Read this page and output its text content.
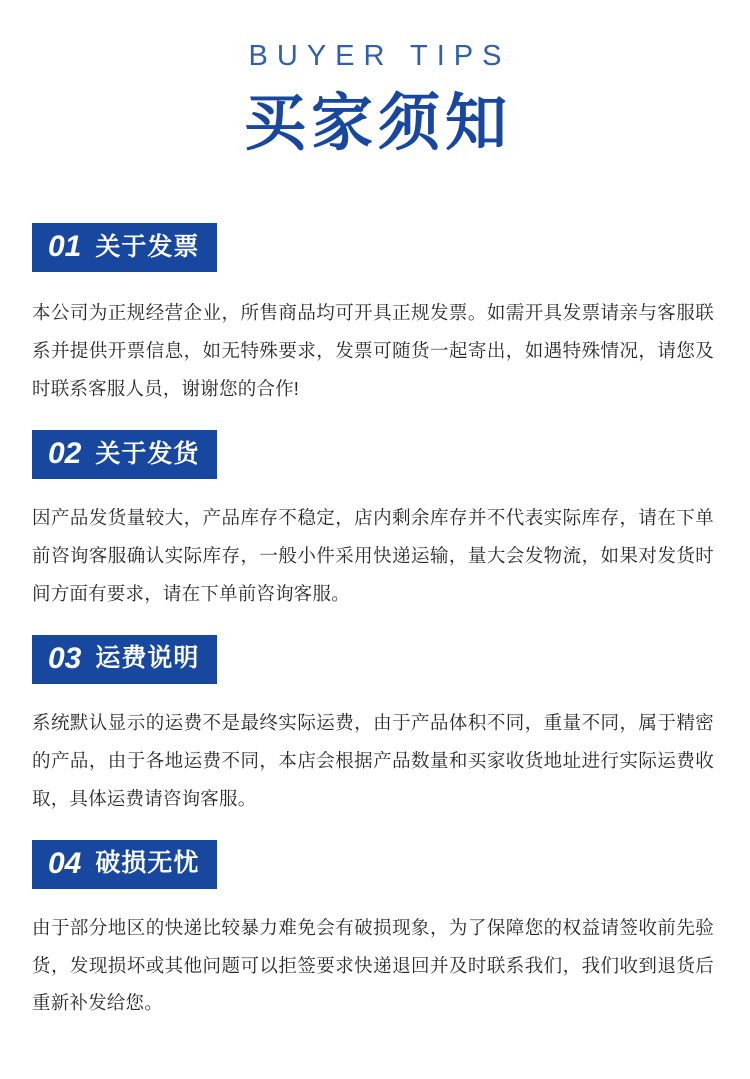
BUYER TIPS
买家须知
01 关于发票
本公司为正规经营企业，所售商品均可开具正规发票。如需开具发票请亲与客服联系并提供开票信息，如无特殊要求，发票可随货一起寄出，如遇特殊情况，请您及时联系客服人员，谢谢您的合作!
02 关于发货
因产品发货量较大，产品库存不稳定，店内剩余库存并不代表实际库存，请在下单前咨询客服确认实际库存，一般小件采用快递运输，量大会发物流，如果对发货时间方面有要求，请在下单前咨询客服。
03 运费说明
系统默认显示的运费不是最终实际运费，由于产品体积不同，重量不同，属于精密的产品，由于各地运费不同，本店会根据产品数量和买家收货地址进行实际运费收取，具体运费请咨询客服。
04 破损无忧
由于部分地区的快递比较暴力难免会有破损现象，为了保障您的权益请签收前先验货，发现损坏或其他问题可以拒签要求快递退回并及时联系我们，我们收到退货后重新补发给您。
